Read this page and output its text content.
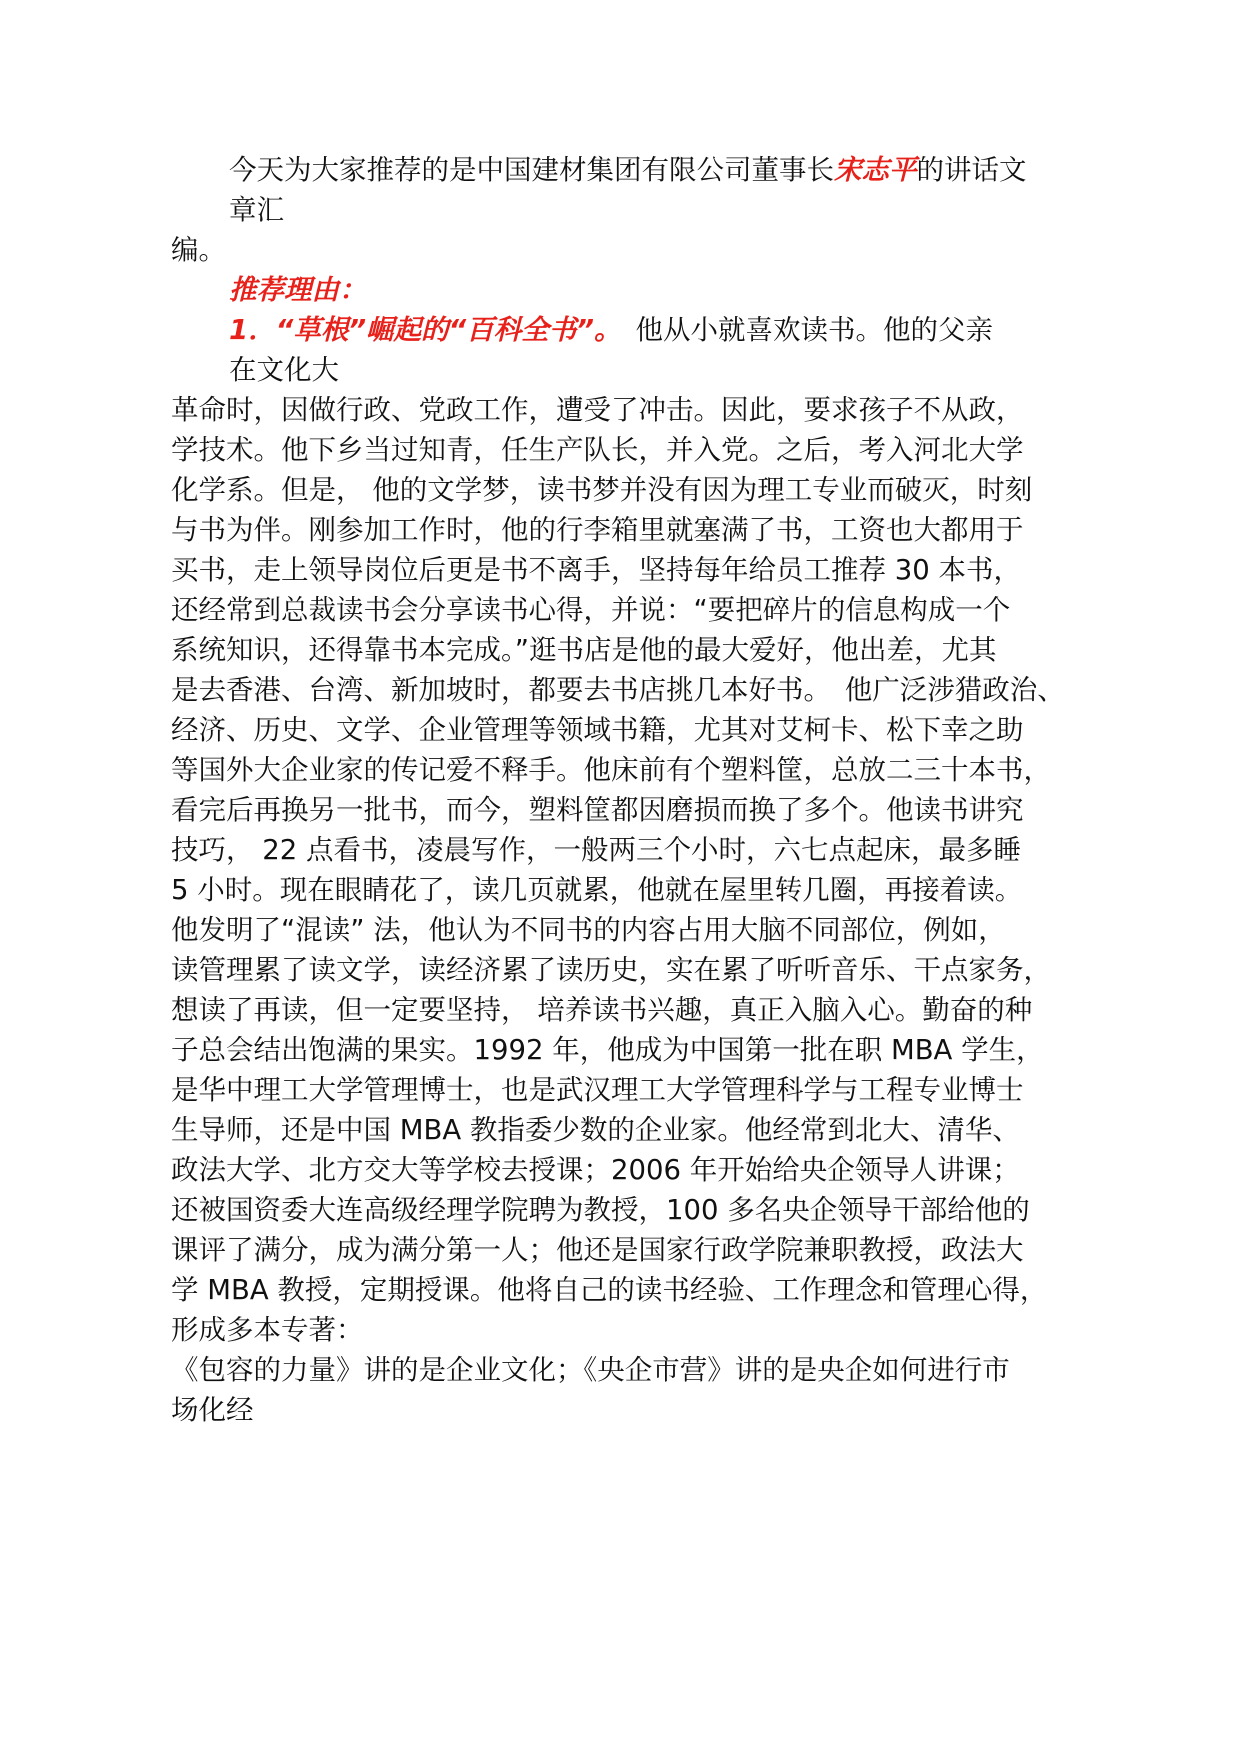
今天为大家推荐的是中国建材集团有限公司董事长宋志平的讲话文
章汇
编。
推荐理由：
1．“草根”崛起的“百科全书”。 他从小就喜欢读书。他的父亲
在文化大
革命时，因做行政、党政工作，遭受了冲击。因此，要求孩子不从政，
学技术。他下乡当过知青，任生产队长，并入党。之后，考入河北大学
化学系。但是， 他的文学梦，读书梦并没有因为理工专业而破灭，时刻
与书为伴。刚参加工作时，他的行李箱里就塞满了书，工资也大都用于
买书，走上领导岗位后更是书不离手，坚持每年给员工推荐 30 本书，
还经常到总裁读书会分享读书心得，并说：“要把碎片的信息构成一个
系统知识，还得靠书本完成。”逛书店是他的最大爱好，他出差，尤其
是去香港、台湾、新加坡时，都要去书店挑几本好书。　他广泛涉猎政治、
经济、历史、文学、企业管理等领域书籍，尤其对艾柯卡、松下幸之助
等国外大企业家的传记爱不释手。他床前有个塑料筐，总放二三十本书，
看完后再换另一批书，而今，塑料筐都因磨损而换了多个。他读书讲究
技巧， 22 点看书，凌晨写作，一般两三个小时，六七点起床，最多睡
5 小时。现在眼睛花了，读几页就累，他就在屋里转几圈，再接着读。
他发明了“混读” 法，他认为不同书的内容占用大脑不同部位，例如，
读管理累了读文学，读经济累了读历史，实在累了听听音乐、干点家务，
想读了再读，但一定要坚持， 培养读书兴趣，真正入脑入心。勤奋的种
子总会结出饱满的果实。1992 年，他成为中国第一批在职 MBA 学生，
是华中理工大学管理博士，也是武汉理工大学管理科学与工程专业博士
生导师，还是中国 MBA 教指委少数的企业家。他经常到北大、清华、
政法大学、北方交大等学校去授课；2006 年开始给央企领导人讲课；
还被国资委大连高级经理学院聘为教授，100 多名央企领导干部给他的
课评了满分，成为满分第一人；他还是国家行政学院兼职教授，政法大
学 MBA 教授，定期授课。他将自己的读书经验、工作理念和管理心得，
形成多本专著：
《包容的力量》讲的是企业文化；《央企市营》讲的是央企如何进行市
场化经
